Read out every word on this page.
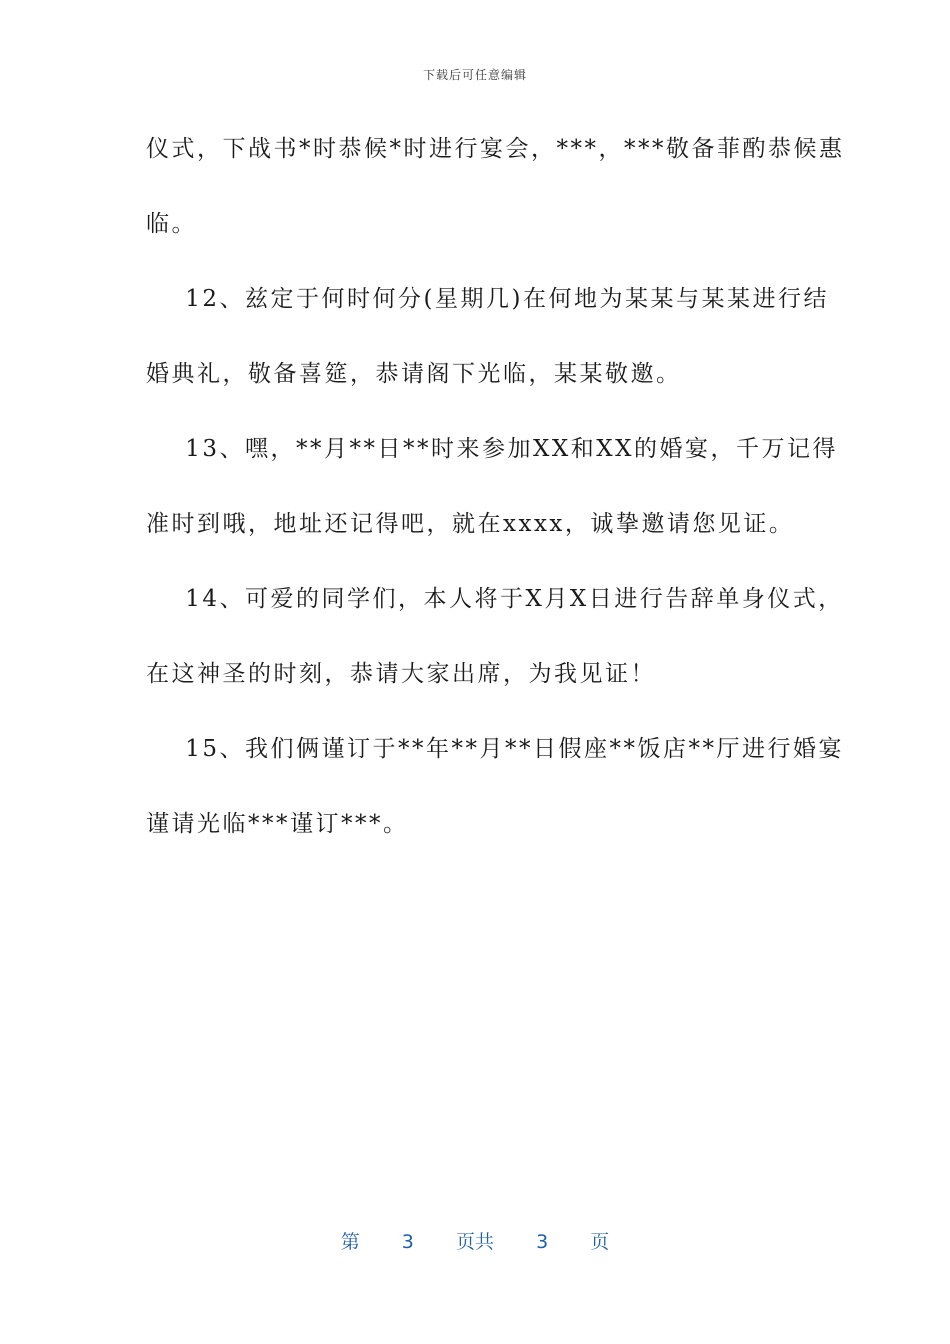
下载后可任意编辑
仪式，下战书*时恭候*时进行宴会，***，***敬备菲酌恭候惠
临。
12、兹定于何时何分(星期几)在何地为某某与某某进行结
婚典礼，敬备喜筵，恭请阁下光临，某某敬邀。
13、嘿，**月**日**时来参加XX和XX的婚宴，千万记得
准时到哦，地址还记得吧，就在xxxx，诚挚邀请您见证。
14、可爱的同学们，本人将于X月X日进行告辞单身仪式，
在这神圣的时刻，恭请大家出席，为我见证！
15、我们俩谨订于**年**月**日假座**饭店**厅进行婚宴
谨请光临***谨订***。
第 3 页共 3 页
